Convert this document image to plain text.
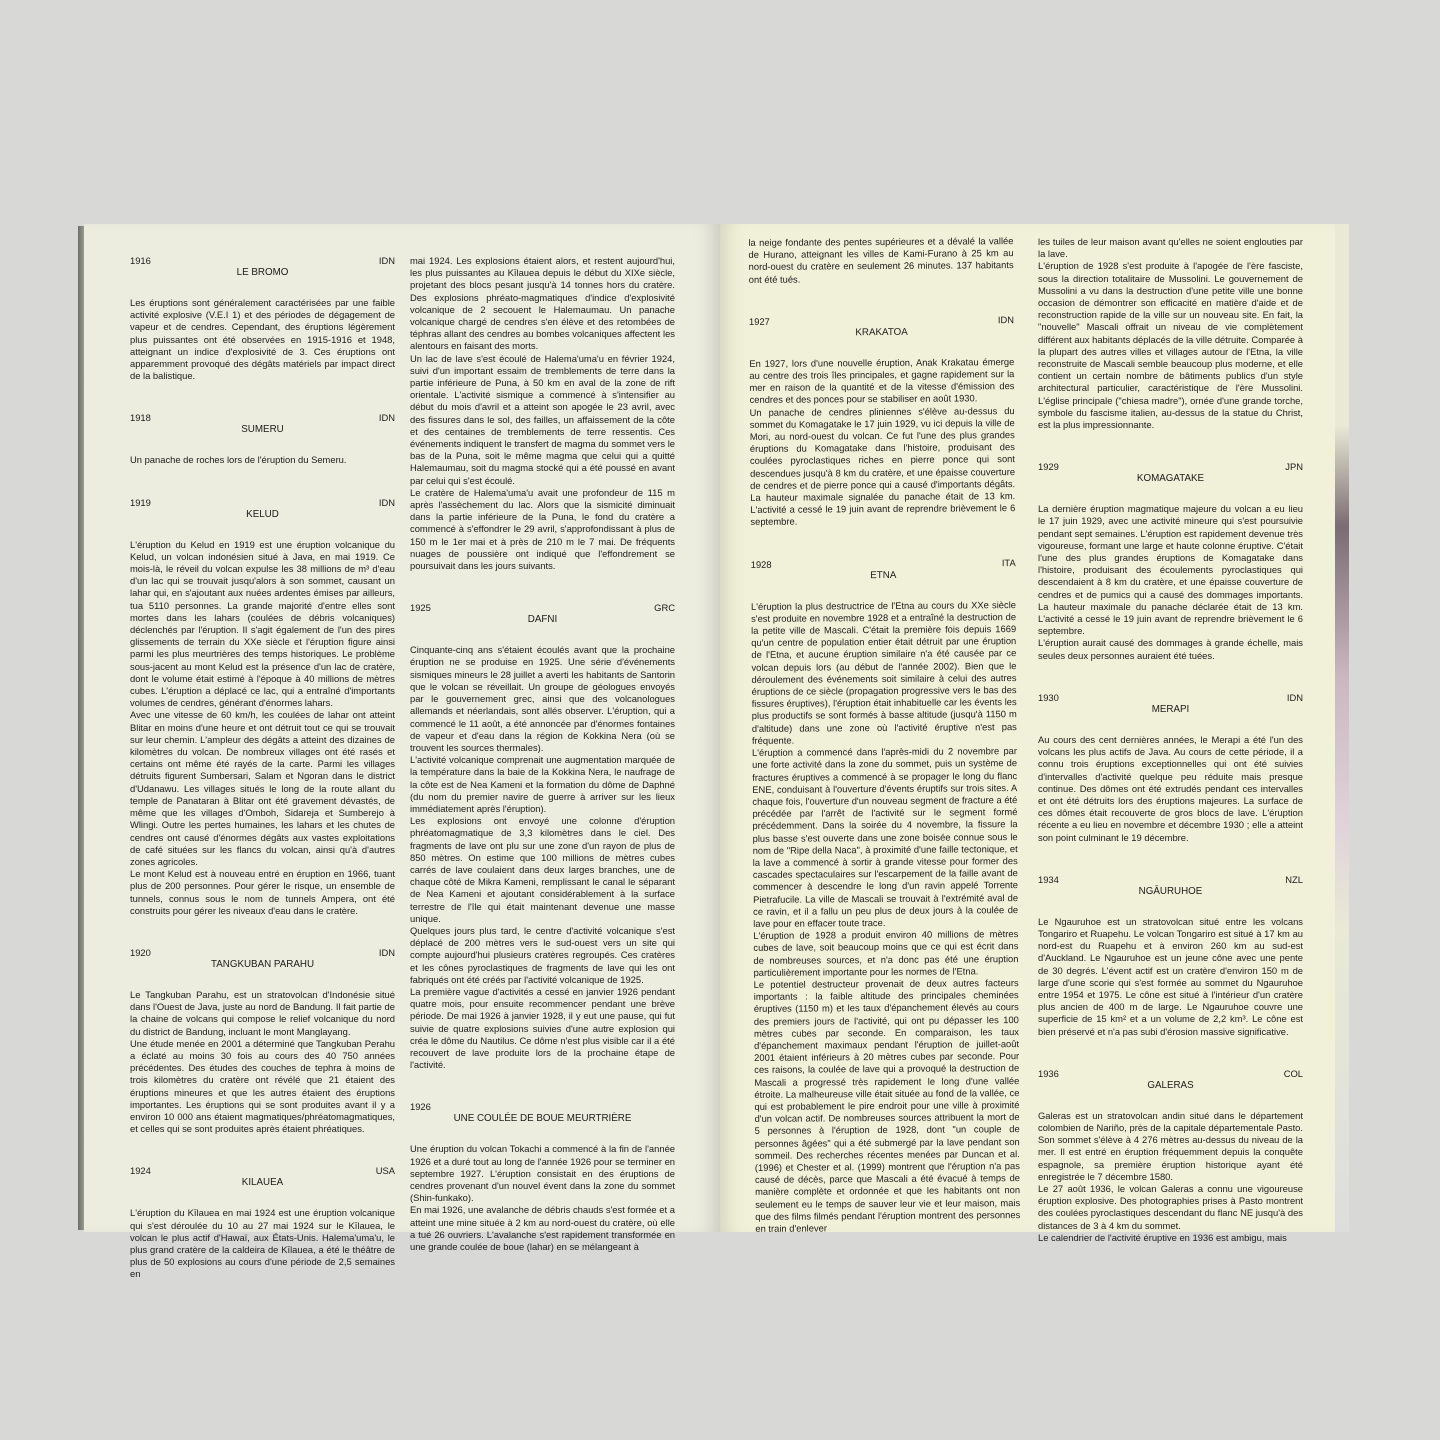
1916	IDN
LE BROMO

Les éruptions sont généralement caractérisées par une faible activité explosive (V.E.I 1) et des périodes de dégagement de vapeur et de cendres. Cependant, des éruptions légèrement plus puissantes ont été observées en 1915-1916 et 1948, atteignant un indice d'explosivité de 3. Ces éruptions ont apparemment provoqué des dégâts matériels par impact direct de la balistique.

1918	IDN
SUMERU

Un panache de roches lors de l'éruption du Semeru.

1919	IDN
KELUD

L'éruption du Kelud en 1919 est une éruption volcanique du Kelud, un volcan indonésien situé à Java, en mai 1919. Ce mois-là, le réveil du volcan expulse les 38 millions de m³ d'eau d'un lac qui se trouvait jusqu'alors à son sommet, causant un lahar qui, en s'ajoutant aux nuées ardentes émises par ailleurs, tua 5110 personnes. La grande majorité d'entre elles sont mortes dans les lahars (coulées de débris volcaniques) déclenchés par l'éruption. Il s'agit également de l'un des pires glissements de terrain du XXe siècle et l'éruption figure ainsi parmi les plus meurtrières des temps historiques. Le problème sous-jacent au mont Kelud est la présence d'un lac de cratère, dont le volume était estimé à l'époque à 40 millions de mètres cubes. L'éruption a déplacé ce lac, qui a entraîné d'importants volumes de cendres, générant d'énormes lahars.

Avec une vitesse de 60 km/h, les coulées de lahar ont atteint Blitar en moins d'une heure et ont détruit tout ce qui se trouvait sur leur chemin. L'ampleur des dégâts a atteint des dizaines de kilomètres du volcan. De nombreux villages ont été rasés et certains ont même été rayés de la carte. Parmi les villages détruits figurent Sumbersari, Salam et Ngoran dans le district d'Udanawu. Les villages situés le long de la route allant du temple de Panataran à Blitar ont été gravement dévastés, de même que les villages d'Omboh, Sidareja et Sumberejo à Wlingi. Outre les pertes humaines, les lahars et les chutes de cendres ont causé d'énormes dégâts aux vastes exploitations de café situées sur les flancs du volcan, ainsi qu'à d'autres zones agricoles.

Le mont Kelud est à nouveau entré en éruption en 1966, tuant plus de 200 personnes. Pour gérer le risque, un ensemble de tunnels, connus sous le nom de tunnels Ampera, ont été construits pour gérer les niveaux d'eau dans le cratère.

1920	IDN
TANGKUBAN PARAHU

Le Tangkuban Parahu, est un stratovolcan d'Indonésie situé dans l'Ouest de Java, juste au nord de Bandung. Il fait partie de la chaine de volcans qui compose le relief volcanique du nord du district de Bandung, incluant le mont Manglayang.

Une étude menée en 2001 a déterminé que Tangkuban Perahu a éclaté au moins 30 fois au cours des 40 750 années précédentes. Des études des couches de tephra à moins de trois kilomètres du cratère ont révélé que 21 étaient des éruptions mineures et que les autres étaient des éruptions importantes. Les éruptions qui se sont produites avant il y a environ 10 000 ans étaient magmatiques/phréatomagmatiques, et celles qui se sont produites après étaient phréatiques.

1924	USA
KILAUEA

L'éruption du Kīlauea en mai 1924 est une éruption volcanique qui s'est déroulée du 10 au 27 mai 1924 sur le Kīlauea, le volcan le plus actif d'Hawaï, aux États-Unis. Halema'uma'u, le plus grand cratère de la caldeira de Kīlauea, a été le théâtre de plus de 50 explosions au cours d'une période de 2,5 semaines en

mai 1924. Les explosions étaient alors, et restent aujourd'hui, les plus puissantes au Kīlauea depuis le début du XIXe siècle, projetant des blocs pesant jusqu'à 14 tonnes hors du cratère. Des explosions phréato-magmatiques d'indice d'explosivité volcanique de 2 secouent le Halemaumau. Un panache volcanique chargé de cendres s'en élève et des retombées de téphras allant des cendres au bombes volcaniques affectent les alentours en faisant des morts.

Un lac de lave s'est écoulé de Halema'uma'u en février 1924, suivi d'un important essaim de tremblements de terre dans la partie inférieure de Puna, à 50 km en aval de la zone de rift orientale. L'activité sismique a commencé à s'intensifier au début du mois d'avril et a atteint son apogée le 23 avril, avec des fissures dans le sol, des failles, un affaissement de la côte et des centaines de tremblements de terre ressentis. Ces événements indiquent le transfert de magma du sommet vers le bas de la Puna, soit le même magma que celui qui a quitté Halemaumau, soit du magma stocké qui a été poussé en avant par celui qui s'est écoulé.

Le cratère de Halema'uma'u avait une profondeur de 115 m après l'assèchement du lac. Alors que la sismicité diminuait dans la partie inférieure de la Puna, le fond du cratère a commencé à s'effondrer le 29 avril, s'approfondissant à plus de 150 m le 1er mai et à près de 210 m le 7 mai. De fréquents nuages de poussière ont indiqué que l'effondrement se poursuivait dans les jours suivants.

1925	GRC
DAFNI

Cinquante-cinq ans s'étaient écoulés avant que la prochaine éruption ne se produise en 1925. Une série d'événements sismiques mineurs le 28 juillet a averti les habitants de Santorin que le volcan se réveillait. Un groupe de géologues envoyés par le gouvernement grec, ainsi que des volcanologues allemands et néerlandais, sont allés observer. L'éruption, qui a commencé le 11 août, a été annoncée par d'énormes fontaines de vapeur et d'eau dans la région de Kokkina Nera (où se trouvent les sources thermales).

L'activité volcanique comprenait une augmentation marquée de la température dans la baie de la Kokkina Nera, le naufrage de la côte est de Nea Kameni et la formation du dôme de Daphné (du nom du premier navire de guerre à arriver sur les lieux immédiatement après l'éruption).

Les explosions ont envoyé une colonne d'éruption phréatomagmatique de 3,3 kilomètres dans le ciel. Des fragments de lave ont plu sur une zone d'un rayon de plus de 850 mètres. On estime que 100 millions de mètres cubes carrés de lave coulaient dans deux larges branches, une de chaque côté de Mikra Kameni, remplissant le canal le séparant de Nea Kameni et ajoutant considérablement à la surface terrestre de l'île qui était maintenant devenue une masse unique.

Quelques jours plus tard, le centre d'activité volcanique s'est déplacé de 200 mètres vers le sud-ouest vers un site qui compte aujourd'hui plusieurs cratères regroupés. Ces cratères et les cônes pyroclastiques de fragments de lave qui les ont fabriqués ont été créés par l'activité volcanique de 1925.

La première vague d'activités a cessé en janvier 1926 pendant quatre mois, pour ensuite recommencer pendant une brève période. De mai 1926 à janvier 1928, il y eut une pause, qui fut suivie de quatre explosions suivies d'une autre explosion qui créa le dôme du Nautilus. Ce dôme n'est plus visible car il a été recouvert de lave produite lors de la prochaine étape de l'activité.

1926
UNE COULÉE DE BOUE MEURTRIÈRE

Une éruption du volcan Tokachi a commencé à la fin de l'année 1926 et a duré tout au long de l'année 1926 pour se terminer en septembre 1927. L'éruption consistait en des éruptions de cendres provenant d'un nouvel évent dans la zone du sommet (Shin-funkako).

En mai 1926, une avalanche de débris chauds s'est formée et a atteint une mine située à 2 km au nord-ouest du cratère, où elle a tué 26 ouvriers. L'avalanche s'est rapidement transformée en une grande coulée de boue (lahar) en se mélangeant à

la neige fondante des pentes supérieures et a dévalé la vallée de Hurano, atteignant les villes de Kami-Furano à 25 km au nord-ouest du cratère en seulement 26 minutes. 137 habitants ont été tués.

1927	IDN
KRAKATOA

En 1927, lors d'une nouvelle éruption, Anak Krakatau émerge au centre des trois îles principales, et gagne rapidement sur la mer en raison de la quantité et de la vitesse d'émission des cendres et des ponces pour se stabiliser en août 1930.

Un panache de cendres pliniennes s'élève au-dessus du sommet du Komagatake le 17 juin 1929, vu ici depuis la ville de Mori, au nord-ouest du volcan. Ce fut l'une des plus grandes éruptions du Komagatake dans l'histoire, produisant des coulées pyroclastiques riches en pierre ponce qui sont descendues jusqu'à 8 km du cratère, et une épaisse couverture de cendres et de pierre ponce qui a causé d'importants dégâts. La hauteur maximale signalée du panache était de 13 km. L'activité a cessé le 19 juin avant de reprendre brièvement le 6 septembre.

1928	ITA
ETNA

L'éruption la plus destructrice de l'Etna au cours du XXe siècle s'est produite en novembre 1928 et a entraîné la destruction de la petite ville de Mascali. C'était la première fois depuis 1669 qu'un centre de population entier était détruit par une éruption de l'Etna, et aucune éruption similaire n'a été causée par ce volcan depuis lors (au début de l'année 2002). Bien que le déroulement des événements soit similaire à celui des autres éruptions de ce siècle (propagation progressive vers le bas des fissures éruptives), l'éruption était inhabituelle car les évents les plus productifs se sont formés à basse altitude (jusqu'à 1150 m d'altitude) dans une zone où l'activité éruptive n'est pas fréquente.

L'éruption a commencé dans l'après-midi du 2 novembre par une forte activité dans la zone du sommet, puis un système de fractures éruptives a commencé à se propager le long du flanc ENE, conduisant à l'ouverture d'évents éruptifs sur trois sites. A chaque fois, l'ouverture d'un nouveau segment de fracture a été précédée par l'arrêt de l'activité sur le segment formé précédemment. Dans la soirée du 4 novembre, la fissure la plus basse s'est ouverte dans une zone boisée connue sous le nom de "Ripe della Naca", à proximité d'une faille tectonique, et la lave a commencé à sortir à grande vitesse pour former des cascades spectaculaires sur l'escarpement de la faille avant de commencer à descendre le long d'un ravin appelé Torrente Pietrafucile. La ville de Mascali se trouvait à l'extrémité aval de ce ravin, et il a fallu un peu plus de deux jours à la coulée de lave pour en effacer toute trace.

L'éruption de 1928 a produit environ 40 millions de mètres cubes de lave, soit beaucoup moins que ce qui est écrit dans de nombreuses sources, et n'a donc pas été une éruption particulièrement importante pour les normes de l'Etna.

Le potentiel destructeur provenait de deux autres facteurs importants : la faible altitude des principales cheminées éruptives (1150 m) et les taux d'épanchement élevés au cours des premiers jours de l'activité, qui ont pu dépasser les 100 mètres cubes par seconde. En comparaison, les taux d'épanchement maximaux pendant l'éruption de juillet-août 2001 étaient inférieurs à 20 mètres cubes par seconde. Pour ces raisons, la coulée de lave qui a provoqué la destruction de Mascali a progressé très rapidement le long d'une vallée étroite. La malheureuse ville était située au fond de la vallée, ce qui est probablement le pire endroit pour une ville à proximité d'un volcan actif. De nombreuses sources attribuent la mort de 5 personnes à l'éruption de 1928, dont "un couple de personnes âgées" qui a été submergé par la lave pendant son sommeil. Des recherches récentes menées par Duncan et al. (1996) et Chester et al. (1999) montrent que l'éruption n'a pas causé de décès, parce que Mascali a été évacué à temps de manière complète et ordonnée et que les habitants ont non seulement eu le temps de sauver leur vie et leur maison, mais que des films filmés pendant l'éruption montrent des personnes en train d'enlever

les tuiles de leur maison avant qu'elles ne soient englouties par la lave.

L'éruption de 1928 s'est produite à l'apogée de l'ère fasciste, sous la direction totalitaire de Mussolini. Le gouvernement de Mussolini a vu dans la destruction d'une petite ville une bonne occasion de démontrer son efficacité en matière d'aide et de reconstruction rapide de la ville sur un nouveau site. En fait, la "nouvelle" Mascali offrait un niveau de vie complètement différent aux habitants déplacés de la ville détruite. Comparée à la plupart des autres villes et villages autour de l'Etna, la ville reconstruite de Mascali semble beaucoup plus moderne, et elle contient un certain nombre de bâtiments publics d'un style architectural particulier, caractéristique de l'ère Mussolini. L'église principale ("chiesa madre"), ornée d'une grande torche, symbole du fascisme italien, au-dessus de la statue du Christ, est la plus impressionnante.

1929	JPN
KOMAGATAKE

La dernière éruption magmatique majeure du volcan a eu lieu le 17 juin 1929, avec une activité mineure qui s'est poursuivie pendant sept semaines. L'éruption est rapidement devenue très vigoureuse, formant une large et haute colonne éruptive. C'était l'une des plus grandes éruptions de Komagatake dans l'histoire, produisant des écoulements pyroclastiques qui descendaient à 8 km du cratère, et une épaisse couverture de cendres et de pumics qui a causé des dommages importants. La hauteur maximale du panache déclarée était de 13 km. L'activité a cessé le 19 juin avant de reprendre brièvement le 6 septembre.

L'éruption aurait causé des dommages à grande échelle, mais seules deux personnes auraient été tuées.

1930	IDN
MERAPI

Au cours des cent dernières années, le Merapi a été l'un des volcans les plus actifs de Java. Au cours de cette période, il a connu trois éruptions exceptionnelles qui ont été suivies d'intervalles d'activité quelque peu réduite mais presque continue. Des dômes ont été extrudés pendant ces intervalles et ont été détruits lors des éruptions majeures. La surface de ces dômes était recouverte de gros blocs de lave. L'éruption récente a eu lieu en novembre et décembre 1930 ; elle a atteint son point culminant le 19 décembre.

1934	NZL
NGĀURUHOE

Le Ngauruhoe est un stratovolcan situé entre les volcans Tongariro et Ruapehu. Le volcan Tongariro est situé à 17 km au nord-est du Ruapehu et à environ 260 km au sud-est d'Auckland. Le Ngauruhoe est un jeune cône avec une pente de 30 degrés. L'évent actif est un cratère d'environ 150 m de large d'une scorie qui s'est formée au sommet du Ngauruhoe entre 1954 et 1975. Le cône est situé à l'intérieur d'un cratère plus ancien de 400 m de large. Le Ngauruhoe couvre une superficie de 15 km² et a un volume de 2,2 km³. Le cône est bien préservé et n'a pas subi d'érosion massive significative.

1936	COL
GALERAS

Galeras est un stratovolcan andin situé dans le département colombien de Nariño, près de la capitale départementale Pasto. Son sommet s'élève à 4 276 mètres au-dessus du niveau de la mer. Il est entré en éruption fréquemment depuis la conquête espagnole, sa première éruption historique ayant été enregistrée le 7 décembre 1580.

Le 27 août 1936, le volcan Galeras a connu une vigoureuse éruption explosive. Des photographies prises à Pasto montrent des coulées pyroclastiques descendant du flanc NE jusqu'à des distances de 3 à 4 km du sommet.

Le calendrier de l'activité éruptive en 1936 est ambigu, mais
